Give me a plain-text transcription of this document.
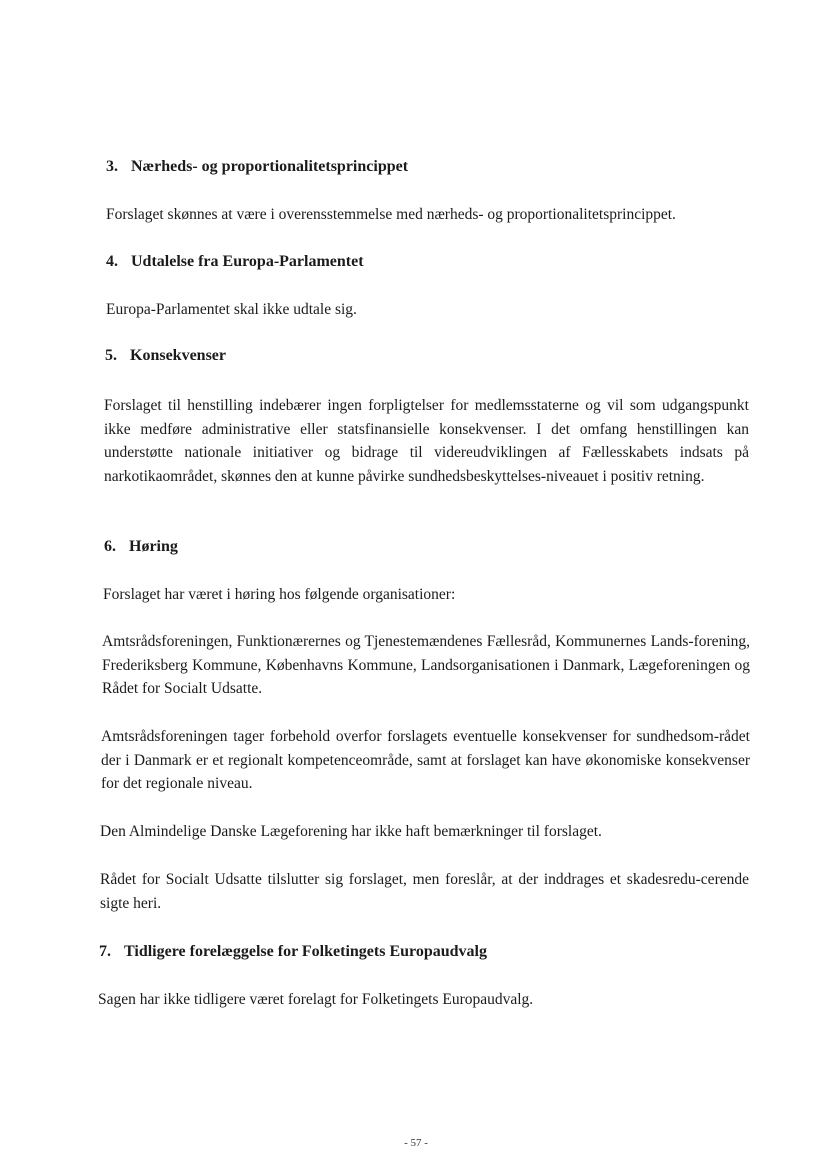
3. Nærheds- og proportionalitetsprincippet

Forslaget skønnes at være i overensstemmelse med nærheds- og proportionalitetsprincippet.

4. Udtalelse fra Europa-Parlamentet

Europa-Parlamentet skal ikke udtale sig.

5. Konsekvenser

Forslaget til henstilling indebærer ingen forpligtelser for medlemsstaterne og vil som udgangspunkt ikke medføre administrative eller statsfinansielle konsekvenser. I det omfang henstillingen kan understøtte nationale initiativer og bidrage til videreudviklingen af Fællesskabets indsats på narkotikaområdet, skønnes den at kunne påvirke sundhedsbeskyttelses-niveauet i positiv retning.

6. Høring

Forslaget har været i høring hos følgende organisationer:

Amtsrådsforeningen, Funktionærernes og Tjenestemændenes Fællesråd, Kommunernes Lands-forening, Frederiksberg Kommune, Københavns Kommune, Landsorganisationen i Danmark, Lægeforeningen og Rådet for Socialt Udsatte.

Amtsrådsforeningen tager forbehold overfor forslagets eventuelle konsekvenser for sundhedsom-rådet der i Danmark er et regionalt kompetenceområde, samt at forslaget kan have økonomiske konsekvenser for det regionale niveau.

Den Almindelige Danske Lægeforening har ikke haft bemærkninger til forslaget.

Rådet for Socialt Udsatte tilslutter sig forslaget, men foreslår, at der inddrages et skadesredu-cerende sigte heri.

7. Tidligere forelæggelse for Folketingets Europaudvalg

Sagen har ikke tidligere været forelagt for Folketingets Europaudvalg.

- 57 -
